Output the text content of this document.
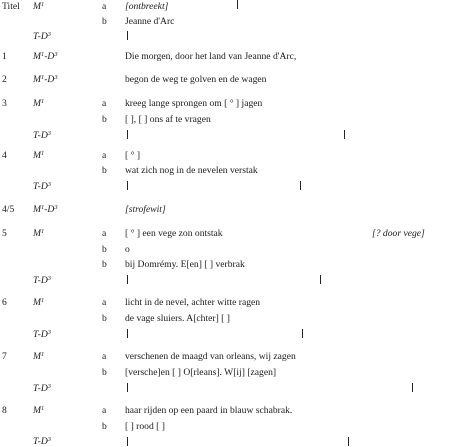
Titel $M^1$	a [ontbreekt]
b Jeanne d'Arc
$T-D^3$
1	$M^1-D^3$	Die morgen, door het land van Jeanne d'Arc,
2	$M^1-D^3$	begon de weg te golven en de wagen
3	$M^1$	a kreeg lange sprongen om [ ° ] jagen
b [ ], [ ] ons af te vragen
$T-D^3$
4	$M^1$	a [ ° ]
b wat zich nog in de nevelen verstak
$T-D^3$
4/5 $M^1-D^3$	[strofewit]
5	$M^1$	a [ ° ] een vege zon ontstak	[? door vege]
b o
b bij Domrémy. E[en] [ ] verbrak
$T-D^3$
6	$M^1$	a licht in de nevel, achter witte ragen
b de vage sluiers. A[chter] [ ]
$T-D^3$
7	$M^1$	a verschenen de maagd van orleans, wij zagen
b [versche]en [ ] O[rleans]. W[ij] [zagen]
$T-D^3$
8	$M^1$	a haar rijden op een paard in blauw schabrak.
b [ ] rood [ ]
$T-D^3$
